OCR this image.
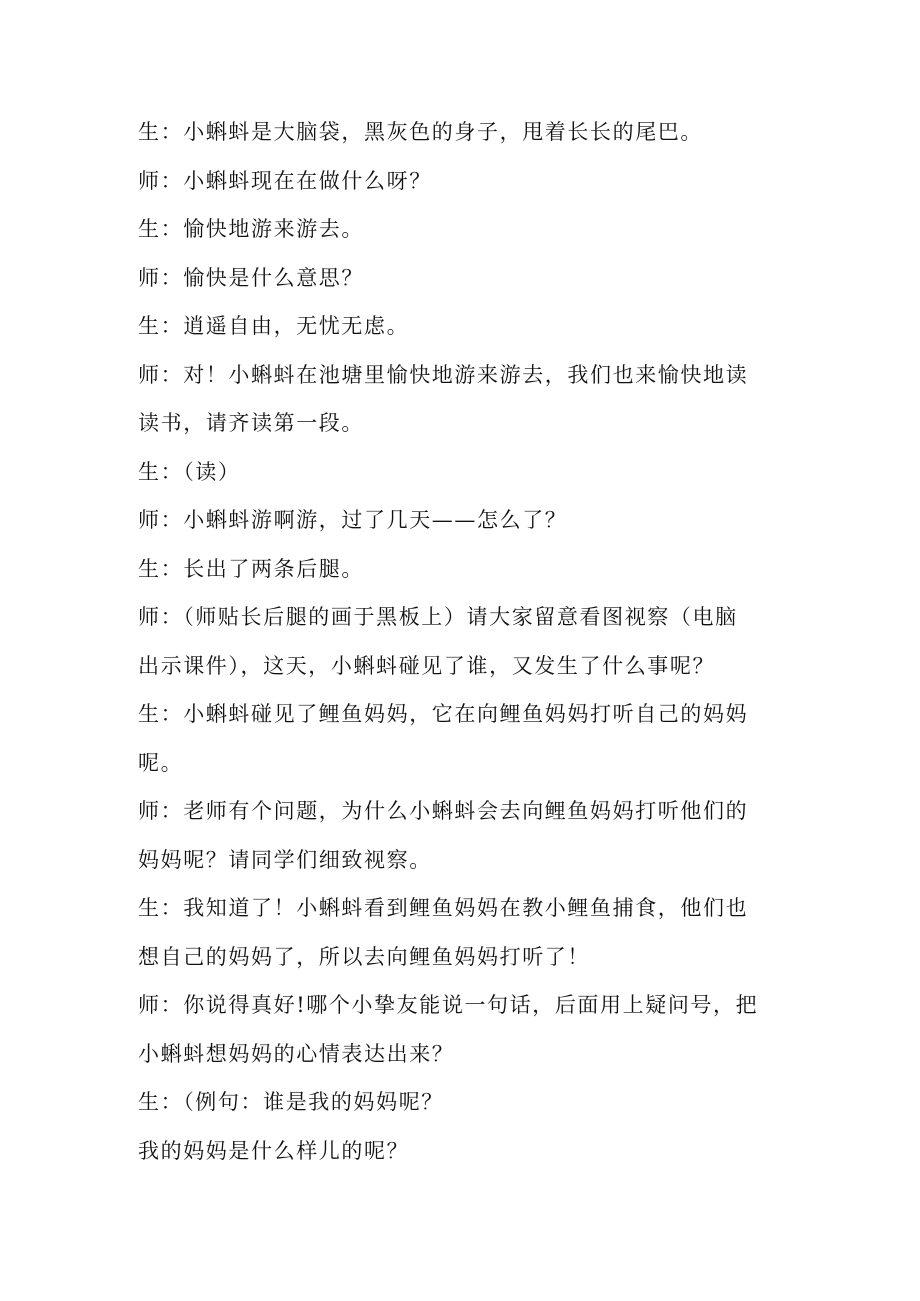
生：小蝌蚪是大脑袋，黑灰色的身子，甩着长长的尾巴。
师：小蝌蚪现在在做什么呀？
生：愉快地游来游去。
师：愉快是什么意思？
生：逍遥自由，无忧无虑。
师：对！小蝌蚪在池塘里愉快地游来游去，我们也来愉快地读
读书，请齐读第一段。
生：（读）
师：小蝌蚪游啊游，过了几天——怎么了？
生：长出了两条后腿。
师：（师贴长后腿的画于黑板上）请大家留意看图视察（电脑
出示课件），这天，小蝌蚪碰见了谁，又发生了什么事呢？
生：小蝌蚪碰见了鲤鱼妈妈，它在向鲤鱼妈妈打听自己的妈妈
呢。
师：老师有个问题，为什么小蝌蚪会去向鲤鱼妈妈打听他们的
妈妈呢？请同学们细致视察。
生：我知道了！小蝌蚪看到鲤鱼妈妈在教小鲤鱼捕食，他们也
想自己的妈妈了，所以去向鲤鱼妈妈打听了！
师：你说得真好!哪个小挚友能说一句话，后面用上疑问号，把
小蝌蚪想妈妈的心情表达出来？
生：（例句：谁是我的妈妈呢？
我的妈妈是什么样儿的呢？
